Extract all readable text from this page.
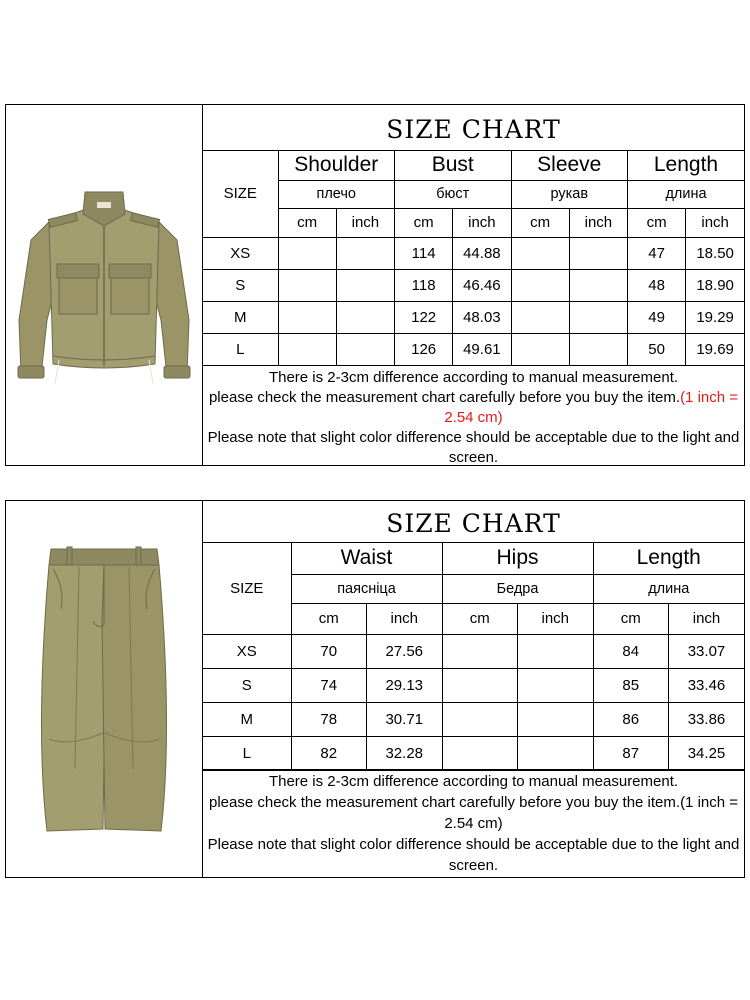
SIZE CHART
SIZE	Shoulder		Bust		Sleeve		Length	
	плечо		бюст		рукав		длина	
	cm	inch	cm	inch	cm	inch	cm	inch
XS			114	44.88			47	18.50
S			118	46.46			48	18.90
M			122	48.03			49	19.29
L			126	49.61			50	19.69

There is 2-3cm difference according to manual measurement.

please check the measurement chart carefully before you buy the item.(1 inch = 2.54 cm)

Please note that slight color difference should be acceptable due to the light and screen.

SIZE CHART
SIZE	Waist		Hips		Length	
	паясніца		Бедра		длина	
	cm	inch	cm	inch	cm	inch
XS	70	27.56			84	33.07
S	74	29.13			85	33.46
M	78	30.71			86	33.86
L	82	32.28			87	34.25

There is 2-3cm difference according to manual measurement.

please check the measurement chart carefully before you buy the item.(1 inch = 2.54 cm)

Please note that slight color difference should be acceptable due to the light and screen.
